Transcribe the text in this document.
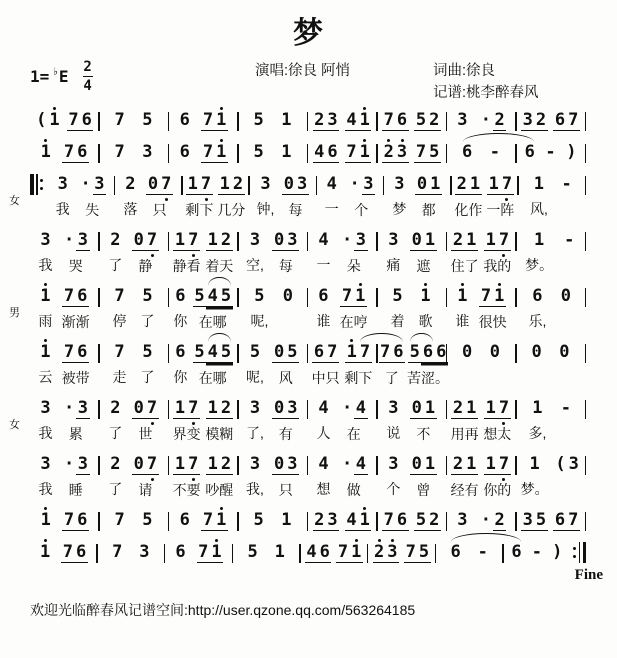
梦
1= ♭ E 2
4
演唱:徐良 阿悄	词曲:徐良
记谱:桃李醉春风
( 1 7 6 7 5 6 7 1 5 1 2 3 4 1 7 6 5 2 3 · 2 3 2 6 7
1 7 6 7 3 6 7 1 5 1 4 6 7 1 2 3 7 5 6 - 6 - )
女
3
我
· 3
失
2
落
0 7
只
1 7
剩下
1 2
几分
3
钟,
0 3
每
4
一
· 3
个
3
梦
0 1
都
2 1
化作
1 7
一阵
1
风,
-
3
我
· 3
哭
2
了
0 7
静
1 7
静看
1 2
着天
3
空,
0 3
每
4
一
· 3
朵
3
痛
0 1
遮
2 1
住了
1 7
我的
1
梦。
-
男
1
雨
7 6
渐渐
7
停
5
了
6
你
5 4 5
在哪
5
呢,
0 6
谁
7 1
在哼
5
着
1
歌
1
谁
7 1
很快
6
乐,
0
1
云
7 6
被带
7
走
5
了
6
你
5 4 5
在哪
5
呢,
0 5
风
6 7
中只
1 7
剩下
7 6
了
5 6 6
苦涩。
0 0 0 0
女
3
我
· 3
累
2
了
0 7
世
1 7
界变
1 2
模糊
3
了,
0 3
有
4
人
· 4
在
3
说
0 1
不
2 1
用再
1 7
想太
1
多,
-
3
我
· 3
睡
2
了
0 7
请
1 7
不要
1 2
吵醒
3
我,
0 3
只
4
想
· 4
做
3
个
0 1
曾
2 1
经有
1 7
你的
1
梦。
( 3
1 7 6 7 5 6 7 1 5 1 2 3 4 1 7 6 5 2 3 · 2 3 5 6 7
1 7 6 7 3 6 7 1 5 1 4 6 7 1 2 3 7 5 6 - 6 - )
Fine
欢迎光临醉春风记谱空间:http://user.qzone.qq.com/563264185
